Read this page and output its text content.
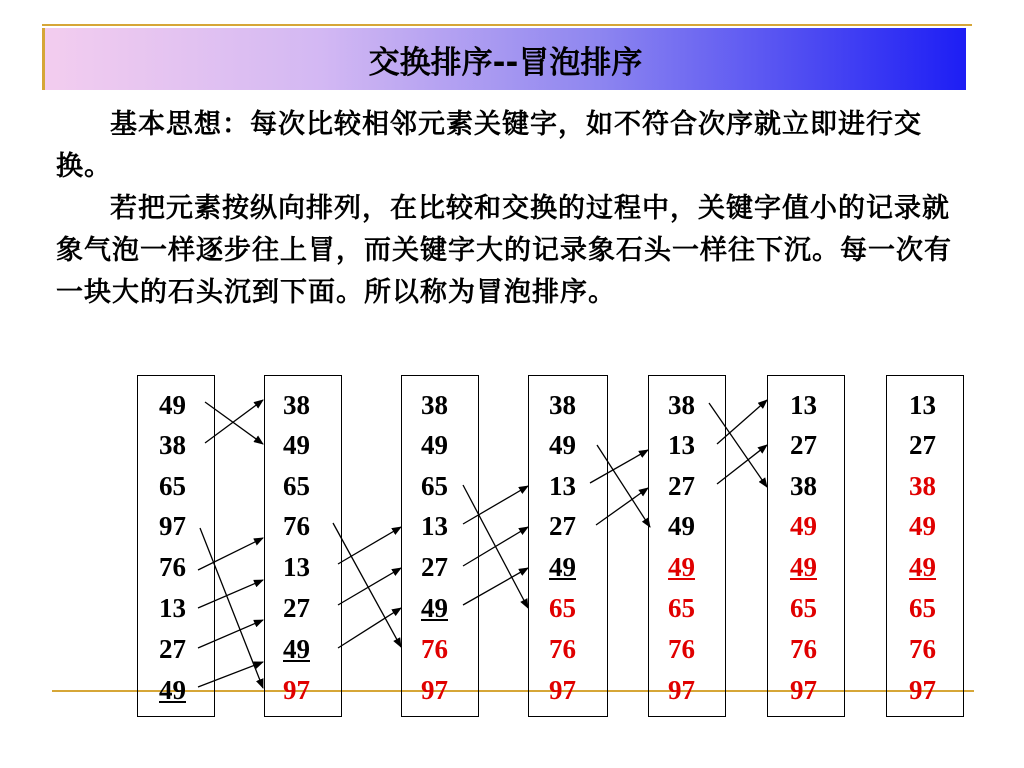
交换排序--冒泡排序

基本思想：每次比较相邻元素关键字，如不符合次序就立即进行交换。

若把元素按纵向排列，在比较和交换的过程中，关键字值小的记录就象气泡一样逐步往上冒，而关键字大的记录象石头一样往下沉。每一次有一块大的石头沉到下面。所以称为冒泡排序。

49
38
65
97
76
13
27
49
38
49
65
76
13
27
49
97
38
49
65
13
27
49
76
97
38
49
13
27
49
65
76
97
38
13
27
49
49
65
76
97
13
27
38
49
49
65
76
97
13
27
38
49
49
65
76
97
